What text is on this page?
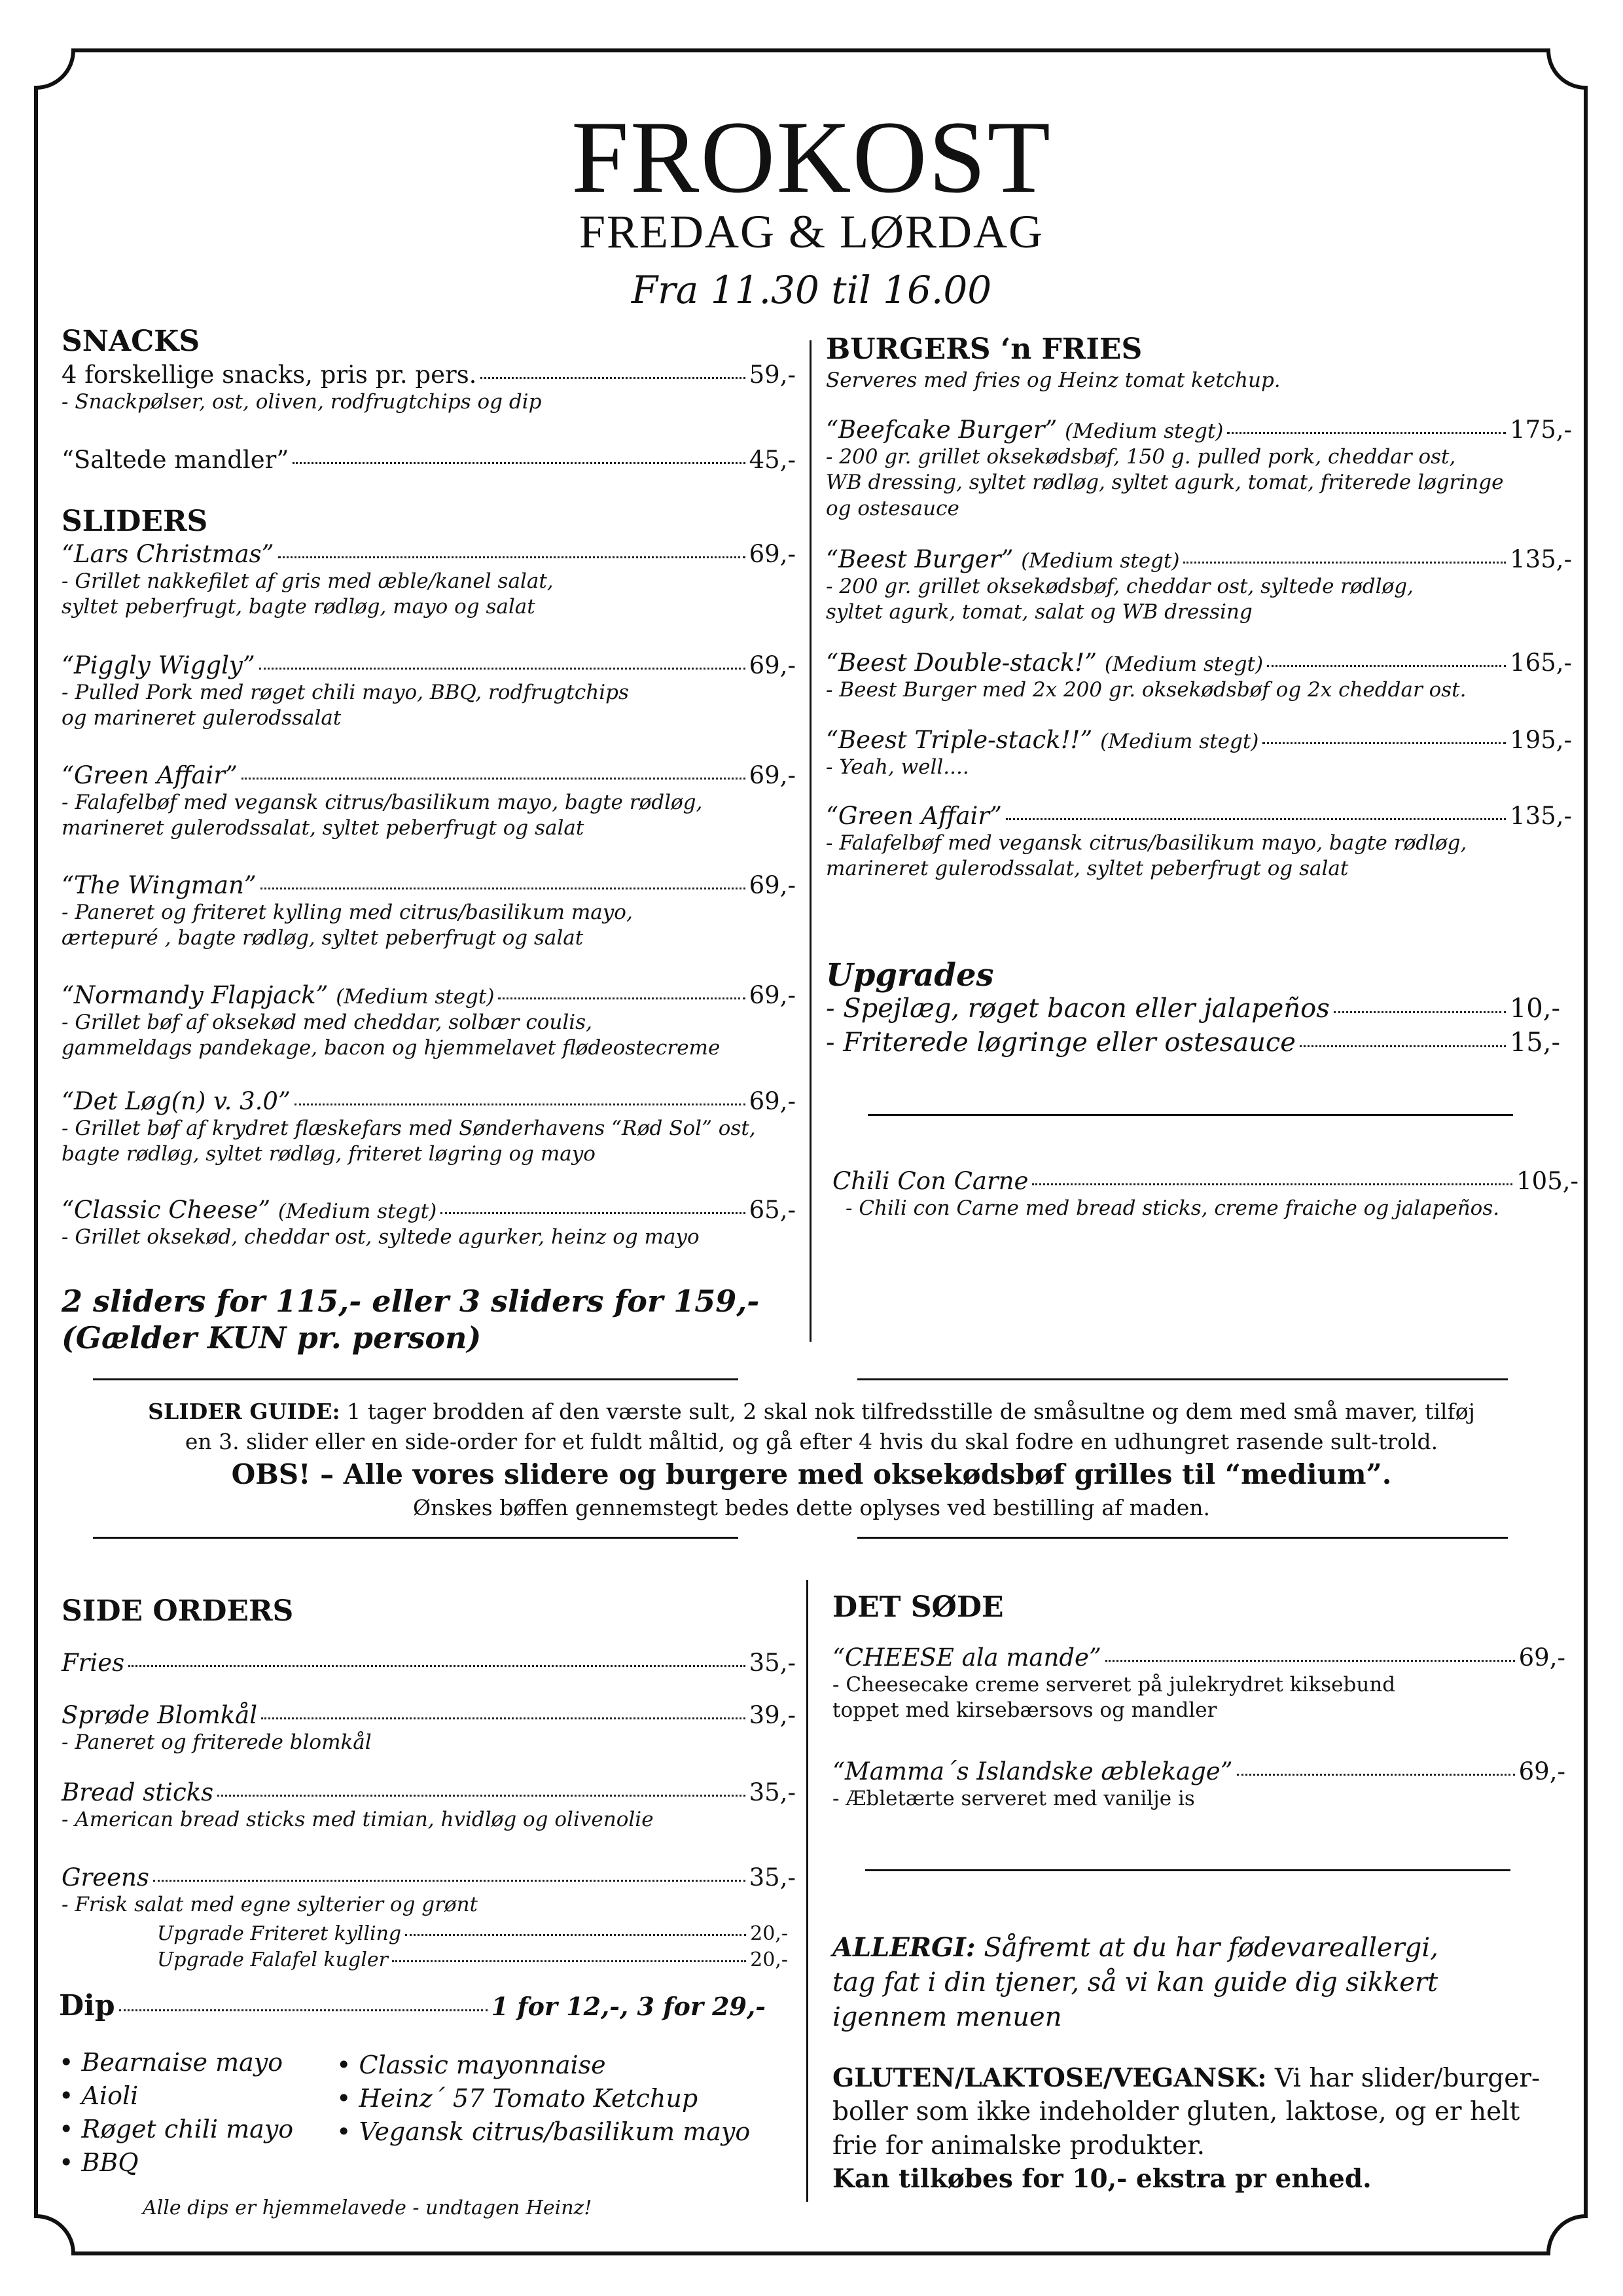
FROKOST
FREDAG & LØRDAG
Fra 11.30 til 16.00
SNACKS
4 forskellige snacks, pris pr. pers.	59,-
- Snackpølser, ost, oliven, rodfrugtchips og dip
“Saltede mandler”	45,-
SLIDERS
“Lars Christmas”	69,-
- Grillet nakkefilet af gris med æble/kanel salat,
syltet peberfrugt, bagte rødløg, mayo og salat
“Piggly Wiggly”	69,-
- Pulled Pork med røget chili mayo, BBQ, rodfrugtchips
og marineret gulerodssalat
“Green Affair”	69,-
- Falafelbøf med vegansk citrus/basilikum mayo, bagte rødløg,
marineret gulerodssalat, syltet peberfrugt og salat
“The Wingman”	69,-
- Paneret og friteret kylling med citrus/basilikum mayo,
ærtepuré , bagte rødløg, syltet peberfrugt og salat
“Normandy Flapjack” (Medium stegt)	69,-
- Grillet bøf af oksekød med cheddar, solbær coulis,
gammeldags pandekage, bacon og hjemmelavet flødeostecreme
“Det Løg(n) v. 3.0”	69,-
- Grillet bøf af krydret flæskefars med Sønderhavens “Rød Sol” ost,
bagte rødløg, syltet rødløg, friteret løgring og mayo
“Classic Cheese” (Medium stegt)	65,-
- Grillet oksekød, cheddar ost, syltede agurker, heinz og mayo
2 sliders for 115,- eller 3 sliders for 159,-
(Gælder KUN pr. person)
BURGERS ‘n FRIES
Serveres med fries og Heinz tomat ketchup.
“Beefcake Burger” (Medium stegt)	175,-
- 200 gr. grillet oksekødsbøf, 150 g. pulled pork, cheddar ost,
WB dressing, syltet rødløg, syltet agurk, tomat, friterede løgringe
og ostesauce
“Beest Burger” (Medium stegt)	135,-
- 200 gr. grillet oksekødsbøf, cheddar ost, syltede rødløg,
syltet agurk, tomat, salat og WB dressing
“Beest Double-stack!” (Medium stegt)	165,-
- Beest Burger med 2x 200 gr. oksekødsbøf og 2x cheddar ost.
“Beest Triple-stack!!” (Medium stegt)	195,-
- Yeah, well....
“Green Affair”	135,-
- Falafelbøf med vegansk citrus/basilikum mayo, bagte rødløg,
marineret gulerodssalat, syltet peberfrugt og salat
Upgrades
- Spejlæg, røget bacon eller jalapeños	10,-
- Friterede løgringe eller ostesauce	15,-
Chili Con Carne	105,-
- Chili con Carne med bread sticks, creme fraiche og jalapeños.
SLIDER GUIDE: 1 tager brodden af den værste sult, 2 skal nok tilfredsstille de småsultne og dem med små maver, tilføj
en 3. slider eller en side-order for et fuldt måltid, og gå efter 4 hvis du skal fodre en udhungret rasende sult-trold.
OBS! – Alle vores slidere og burgere med oksekødsbøf grilles til “medium”.
Ønskes bøffen gennemstegt bedes dette oplyses ved bestilling af maden.
SIDE ORDERS
Fries	35,-
Sprøde Blomkål	39,-
- Paneret og friterede blomkål
Bread sticks	35,-
- American bread sticks med timian, hvidløg og olivenolie
Greens	35,-
- Frisk salat med egne sylterier og grønt
Upgrade Friteret kylling	20,-
Upgrade Falafel kugler	20,-
Dip	1 for 12,-, 3 for 29,-
• Bearnaise mayo
• Aioli
• Røget chili mayo
• BBQ
• Classic mayonnaise
• Heinz´ 57 Tomato Ketchup
• Vegansk citrus/basilikum mayo
Alle dips er hjemmelavede - undtagen Heinz!
DET SØDE
“CHEESE ala mande”	69,-
- Cheesecake creme serveret på julekrydret kiksebund
toppet med kirsebærsovs og mandler
“Mamma´s Islandske æblekage”	69,-
- Æbletærte serveret med vanilje is
ALLERGI: Såfremt at du har fødevareallergi,
tag fat i din tjener, så vi kan guide dig sikkert
igennem menuen
GLUTEN/LAKTOSE/VEGANSK: Vi har slider/burger-
boller som ikke indeholder gluten, laktose, og er helt
frie for animalske produkter.
Kan tilkøbes for 10,- ekstra pr enhed.
